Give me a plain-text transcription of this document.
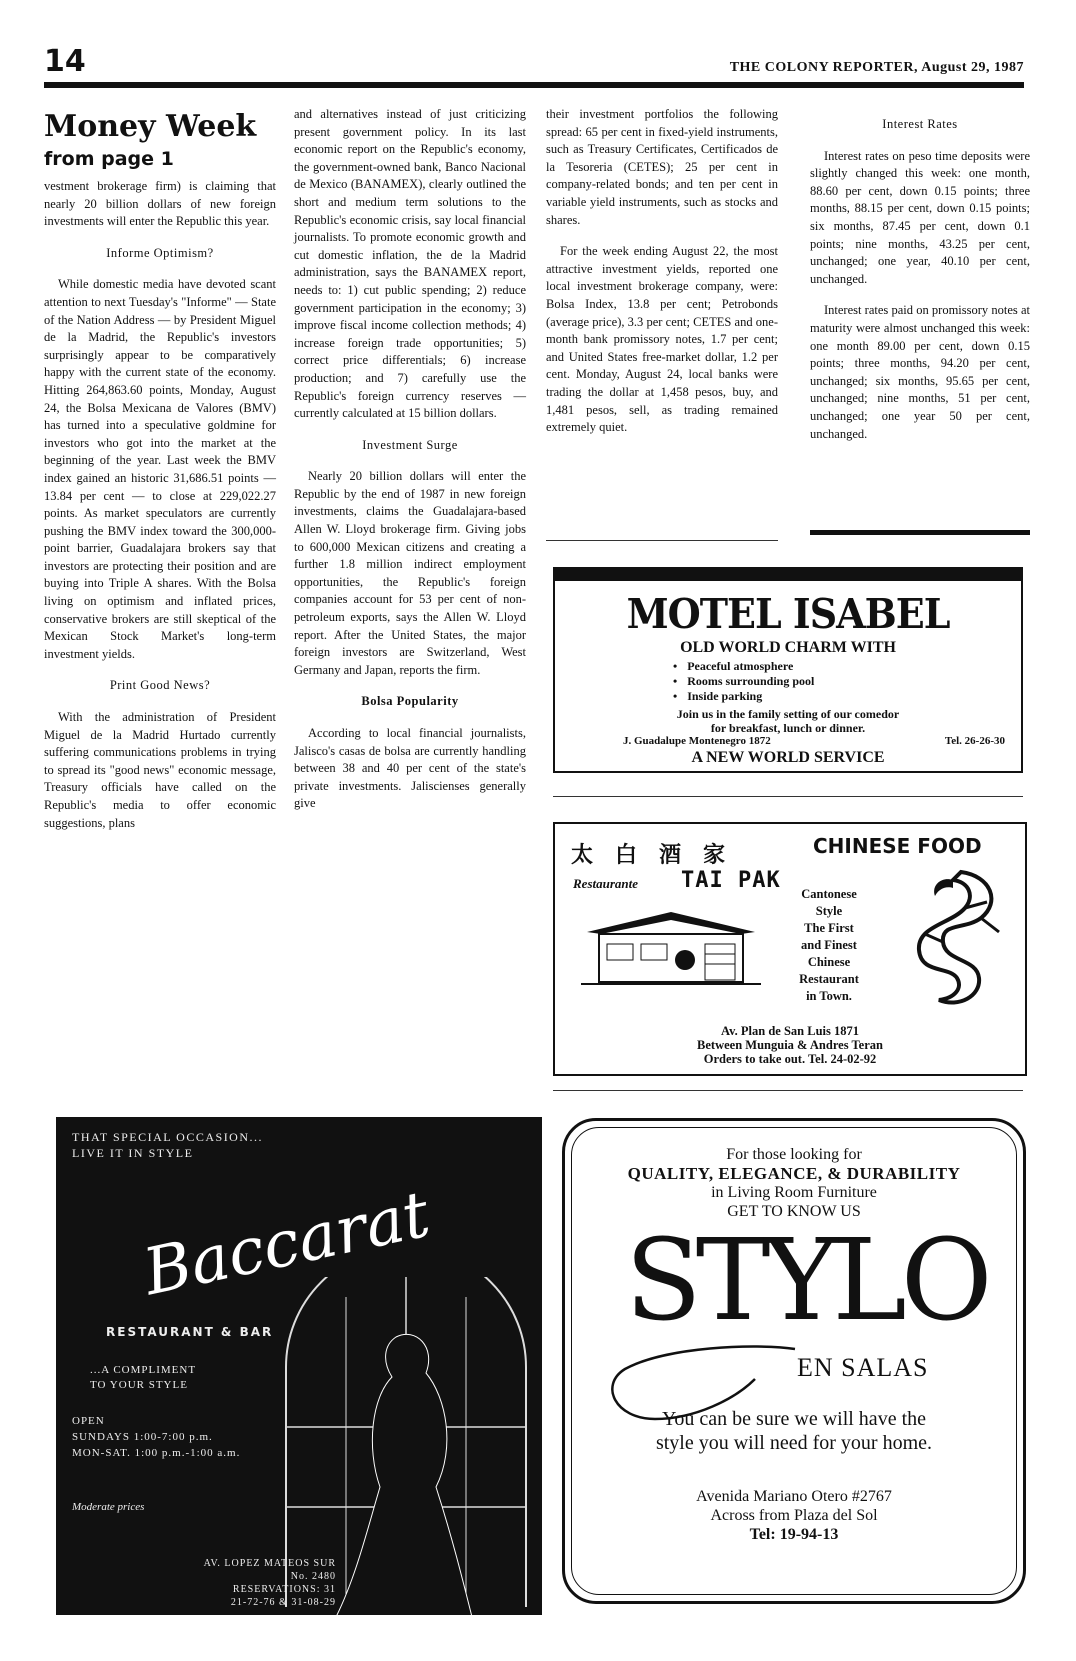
14	THE COLONY REPORTER, August 29, 1987
Money Week
from page 1

vestment brokerage firm) is claiming that nearly 20 billion dollars of new foreign investments will enter the Republic this year.

Informe Optimism?

While domestic media have devoted scant attention to next Tuesday's "Informe" — State of the Nation Address — by President Miguel de la Madrid, the Republic's investors surprisingly appear to be comparatively happy with the current state of the economy. Hitting 264,863.60 points, Monday, August 24, the Bolsa Mexicana de Valores (BMV) has turned into a speculative goldmine for investors who got into the market at the beginning of the year. Last week the BMV index gained an historic 31,686.51 points — 13.84 per cent — to close at 229,022.27 points. As market speculators are currently pushing the BMV index toward the 300,000-point barrier, Guadalajara brokers say that investors are protecting their position and are buying into Triple A shares. With the Bolsa living on optimism and inflated prices, conservative brokers are still skeptical of the Mexican Stock Market's long-term investment yields.

Print Good News?

With the administration of President Miguel de la Madrid Hurtado currently suffering communications problems in trying to spread its "good news" economic message, Treasury officials have called on the Republic's media to offer economic suggestions, plans

and alternatives instead of just criticizing present government policy. In its last economic report on the Republic's economy, the government-owned bank, Banco Nacional de Mexico (BANAMEX), clearly outlined the short and medium term solutions to the Republic's economic crisis, say local financial journalists. To promote economic growth and cut domestic inflation, the de la Madrid administration, says the BANAMEX report, needs to: 1) cut public spending; 2) reduce government participation in the economy; 3) improve fiscal income collection methods; 4) increase foreign trade opportunities; 5) correct price differentials; 6) increase production; and 7) carefully use the Republic's foreign currency reserves — currently calculated at 15 billion dollars.

Investment Surge

Nearly 20 billion dollars will enter the Republic by the end of 1987 in new foreign investments, claims the Guadalajara-based Allen W. Lloyd brokerage firm. Giving jobs to 600,000 Mexican citizens and creating a further 1.8 million indirect employment opportunities, the Republic's foreign companies account for 53 per cent of non-petroleum exports, says the Allen W. Lloyd report. After the United States, the major foreign investors are Switzerland, West Germany and Japan, reports the firm.

Bolsa Popularity

According to local financial journalists, Jalisco's casas de bolsa are currently handling between 38 and 40 per cent of the state's private investments. Jaliscienses generally give

their investment portfolios the following spread: 65 per cent in fixed-yield instruments, such as Treasury Certificates, Certificados de la Tesoreria (CETES); 25 per cent in company-related bonds; and ten per cent in variable yield instruments, such as stocks and shares.

For the week ending August 22, the most attractive investment yields, reported one local investment brokerage company, were: Bolsa Index, 13.8 per cent; Petrobonds (average price), 3.3 per cent; CETES and one-month bank promissory notes, 1.7 per cent; and United States free-market dollar, 1.2 per cent. Monday, August 24, local banks were trading the dollar at 1,458 pesos, buy, and 1,481 pesos, sell, as trading remained extremely quiet.

Interest Rates

Interest rates on peso time deposits were slightly changed this week: one month, 88.60 per cent, down 0.15 points; three months, 88.15 per cent, down 0.15 points; six months, 87.45 per cent, down 0.1 points; nine months, 43.25 per cent, unchanged; one year, 40.10 per cent, unchanged.

Interest rates paid on promissory notes at maturity were almost unchanged this week: one month 89.00 per cent, down 0.15 points; three months, 94.20 per cent, unchanged; six months, 95.65 per cent, unchanged; nine months, 51 per cent, unchanged; one year 50 per cent, unchanged.

MOTEL ISABEL
OLD WORLD CHARM WITH
• Peaceful atmosphere
• Rooms surrounding pool
• Inside parking
Join us in the family setting of our comedor
for breakfast, lunch or dinner.
J. Guadalupe Montenegro 1872	Tel. 26-26-30
A NEW WORLD SERVICE
太白酒家	CHINESE FOOD
Restaurante TAI PAK
Cantonese
Style
The First
and Finest
Chinese
Restaurant
in Town.
Av. Plan de San Luis 1871
Between Munguia & Andres Teran
Orders to take out. Tel. 24-02-92
THAT SPECIAL OCCASION...
LIVE IT IN STYLE
Baccarat
RESTAURANT & BAR
...A COMPLIMENT
TO YOUR STYLE
OPEN
SUNDAYS 1:00-7:00 p.m.
MON-SAT. 1:00 p.m.-1:00 a.m.
Moderate prices
AV. LOPEZ MATEOS SUR
No. 2480
RESERVATIONS: 31
21-72-76 & 31-08-29
For those looking for
QUALITY, ELEGANCE, & DURABILITY
in Living Room Furniture
GET TO KNOW US
STYLO
EN SALAS
You can be sure we will have the
style you will need for your home.
Avenida Mariano Otero #2767
Across from Plaza del Sol
Tel: 19-94-13
